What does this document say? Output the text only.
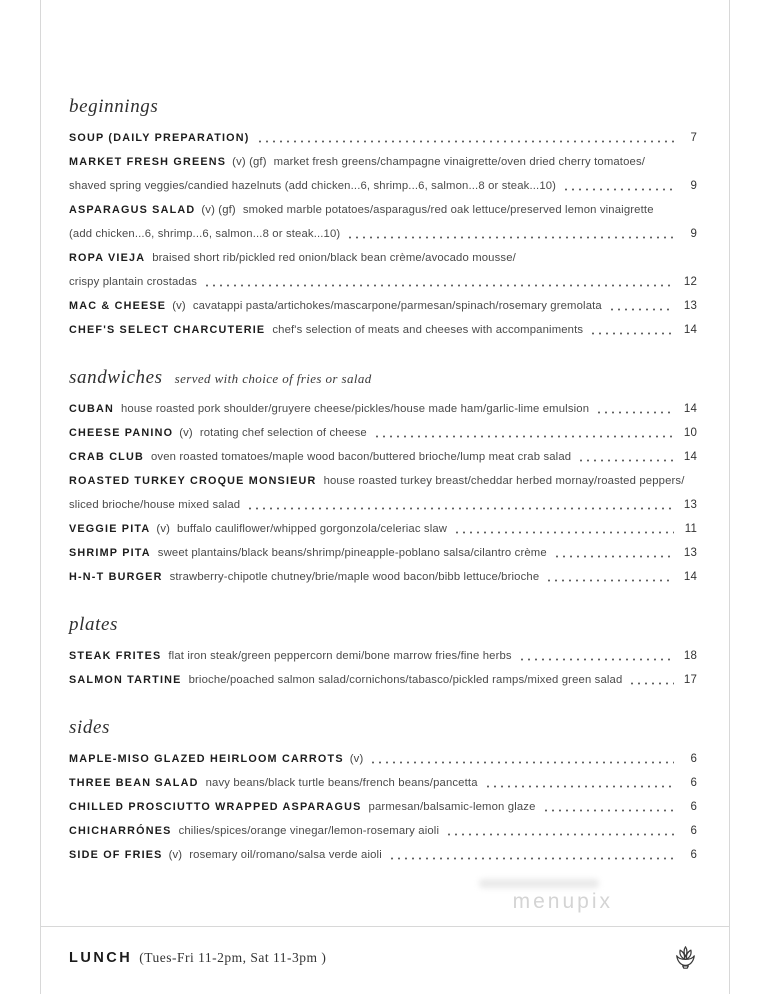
beginnings
SOUP (DAILY PREPARATION)	7
MARKET FRESH GREENS (v) (gf) market fresh greens/champagne vinaigrette/oven dried cherry tomatoes/
shaved spring veggies/candied hazelnuts (add chicken...6, shrimp...6, salmon...8 or steak...10)	9
ASPARAGUS SALAD (v) (gf) smoked marble potatoes/asparagus/red oak lettuce/preserved lemon vinaigrette
(add chicken...6, shrimp...6, salmon...8 or steak...10)	9
ROPA VIEJA braised short rib/pickled red onion/black bean crème/avocado mousse/
crispy plantain crostadas	12
MAC & CHEESE (v) cavatappi pasta/artichokes/mascarpone/parmesan/spinach/rosemary gremolata	13
CHEF'S SELECT CHARCUTERIE chef's selection of meats and cheeses with accompaniments	14
sandwiches served with choice of fries or salad
CUBAN house roasted pork shoulder/gruyere cheese/pickles/house made ham/garlic-lime emulsion	14
CHEESE PANINO (v) rotating chef selection of cheese	10
CRAB CLUB oven roasted tomatoes/maple wood bacon/buttered brioche/lump meat crab salad	14
ROASTED TURKEY CROQUE MONSIEUR house roasted turkey breast/cheddar herbed mornay/roasted peppers/
sliced brioche/house mixed salad	13
VEGGIE PITA (v) buffalo cauliflower/whipped gorgonzola/celeriac slaw	11
SHRIMP PITA sweet plantains/black beans/shrimp/pineapple-poblano salsa/cilantro crème	13
H-N-T BURGER strawberry-chipotle chutney/brie/maple wood bacon/bibb lettuce/brioche	14
plates
STEAK FRITES flat iron steak/green peppercorn demi/bone marrow fries/fine herbs	18
SALMON TARTINE brioche/poached salmon salad/cornichons/tabasco/pickled ramps/mixed green salad	17
sides
MAPLE-MISO GLAZED HEIRLOOM CARROTS (v)	6
THREE BEAN SALAD navy beans/black turtle beans/french beans/pancetta	6
CHILLED PROSCIUTTO WRAPPED ASPARAGUS parmesan/balsamic-lemon glaze	6
CHICHARRÓNES chilies/spices/orange vinegar/lemon-rosemary aioli	6
SIDE OF FRIES (v) rosemary oil/romano/salsa verde aioli	6
menupix
LUNCH (Tues-Fri 11-2pm, Sat 11-3pm )
